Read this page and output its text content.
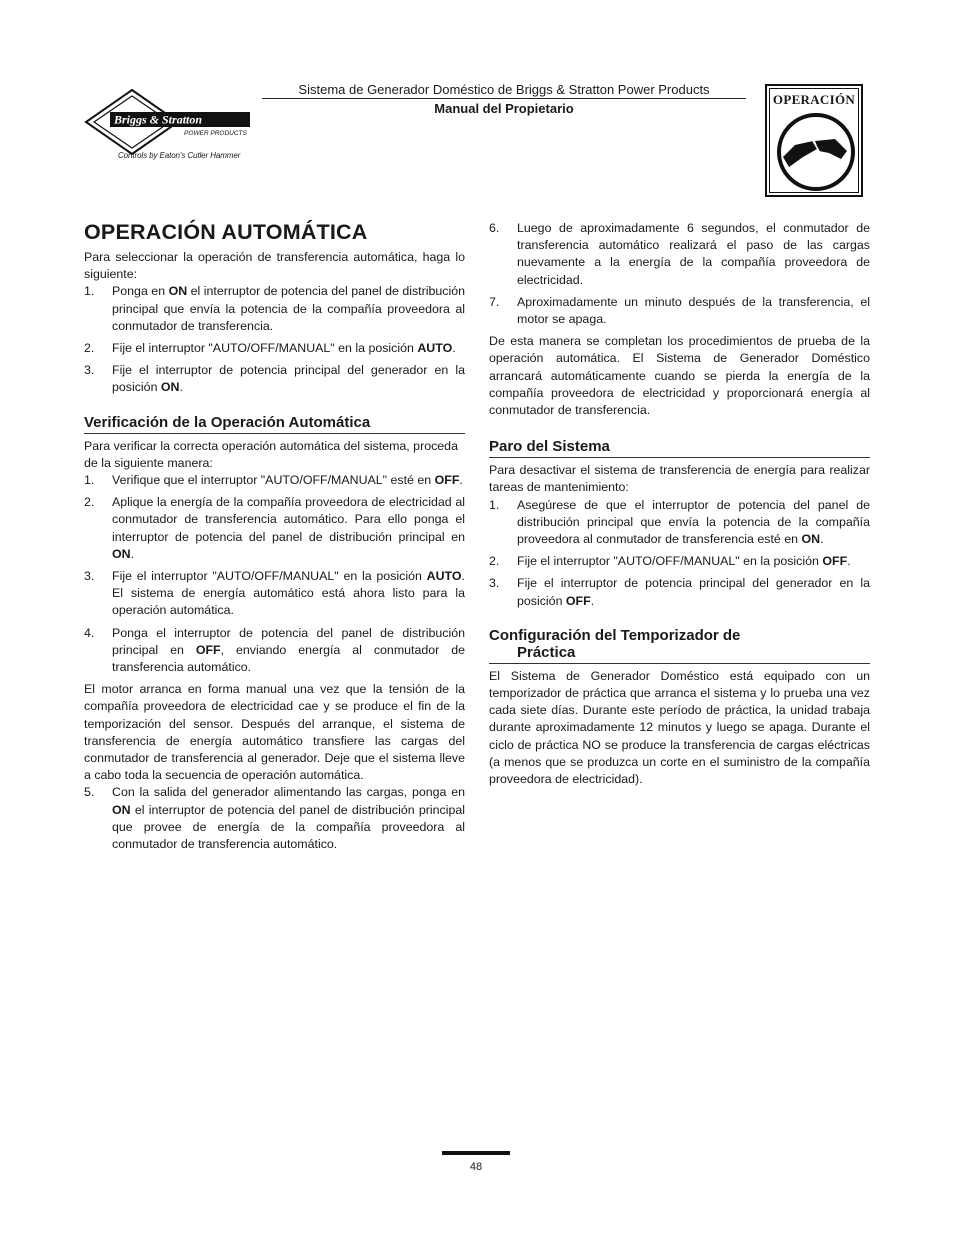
Briggs & Stratton
POWER PRODUCTS
Controls by Eaton's Cutler Hammer
Sistema de Generador Doméstico de Briggs & Stratton Power Products
Manual del Propietario
OPERACIÓN
OPERACIÓN AUTOMÁTICA

Para seleccionar la operación de transferencia automática, haga lo siguiente:

1. Ponga en ON el interruptor de potencia del panel de distribución principal que envía la potencia de la compañía proveedora al conmutador de transferencia.
2. Fije el interruptor "AUTO/OFF/MANUAL" en la posición AUTO.
3. Fije el interruptor de potencia principal del generador en la posición ON.
Verificación de la Operación Automática

Para verificar la correcta operación automática del sistema, proceda de la siguiente manera:

1. Verifique que el interruptor "AUTO/OFF/MANUAL" esté en OFF.
2. Aplique la energía de la compañía proveedora de electricidad al conmutador de transferencia automático. Para ello ponga el interruptor de potencia del panel de distribución principal en ON.
3. Fije el interruptor "AUTO/OFF/MANUAL" en la posición AUTO. El sistema de energía automático está ahora listo para la operación automática.
4. Ponga el interruptor de potencia del panel de distribución principal en OFF, enviando energía al conmutador de transferencia automático.

El motor arranca en forma manual una vez que la tensión de la compañía proveedora de electricidad cae y se produce el fin de la temporización del sensor. Después del arranque, el sistema de transferencia de energía automático transfiere las cargas del conmutador de transferencia al generador. Deje que el sistema lleve a cabo toda la secuencia de operación automática.

5. Con la salida del generador alimentando las cargas, ponga en ON el interruptor de potencia del panel de distribución principal que provee de energía de la compañía proveedora al conmutador de transferencia automático.
6. Luego de aproximadamente 6 segundos, el conmutador de transferencia automático realizará el paso de las cargas nuevamente a la energía de la compañía proveedora de electricidad.
7. Aproximadamente un minuto después de la transferencia, el motor se apaga.

De esta manera se completan los procedimientos de prueba de la operación automática. El Sistema de Generador Doméstico arrancará automáticamente cuando se pierda la energía de la compañía proveedora de electricidad y proporcionará energía al conmutador de transferencia.

Paro del Sistema

Para desactivar el sistema de transferencia de energía para realizar tareas de mantenimiento:

1. Asegúrese de que el interruptor de potencia del panel de distribución principal que envía la potencia de la compañía proveedora al conmutador de transferencia esté en ON.
2. Fije el interruptor "AUTO/OFF/MANUAL" en la posición OFF.
3. Fije el interruptor de potencia principal del generador en la posición OFF.
Configuración del Temporizador de
Práctica

El Sistema de Generador Doméstico está equipado con un temporizador de práctica que arranca el sistema y lo prueba una vez cada siete días. Durante este período de práctica, la unidad trabaja durante aproximadamente 12 minutos y luego se apaga. Durante el ciclo de práctica NO se produce la transferencia de cargas eléctricas (a menos que se produzca un corte en el suministro de la compañía proveedora de electricidad).

48
